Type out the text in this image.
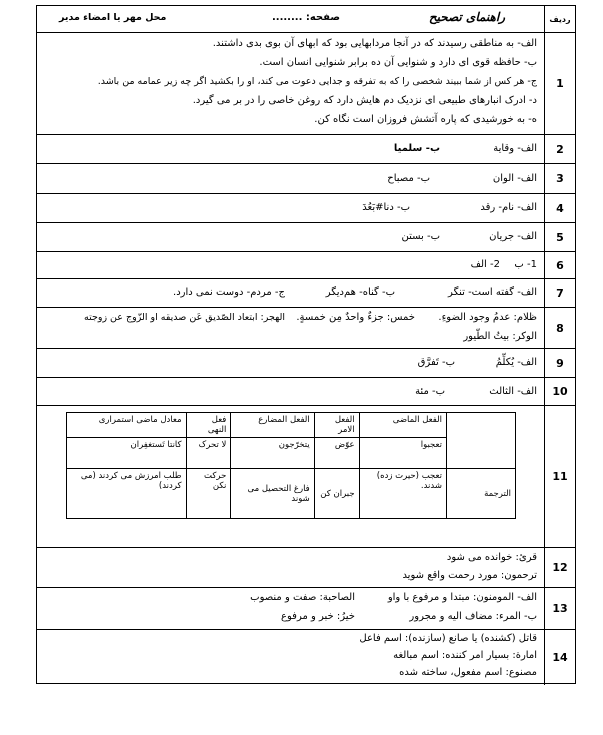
ردیف
راهنمای تصحیح
صفحه: ........
محل مهر یا امضاء مدیر
1
الف- به مناطقی رسیدند که در آنجا مردابهایی بود که ابهای آن بوی بدی داشتند.
ب- حافظه قوی ای دارد و شنوایی آن ده برابر شنوایی انسان است.
ج- هر کس از شما ببیند شخصی را که به تفرقه و جدایی دعوت می کند، او را بکشید اگر چه زیر عمامه من باشد.
د- ادرک انبارهای طبیعی ای نزدیک دم هایش دارد که روغن خاصی را در بر می گیرد.
ه- به خورشیدی که پاره آتشش فروزان است نگاه کن.
2
الف- وقایة
ب- سلمیا
3
الف- الوان
ب- مصباح
4
الف- نام- رقد
ب- دنا#بَعُدَ
5
الف- جریان
ب- بستن
6
1- ب
2- الف
7
الف- گفته است- تنگر
ب- گناه- هم‌دیگر
ج- مردم- دوست نمی دارد.
8
ظلام: عدمُ وجود الضوءِ.
خمس: جزءٌ واحدٌ مِن خمسةٍ.
الهجر: ابتعاد الصّدیق عَن صدیقه او الزّوج عن زوجته
الوکر: بیتُ الطّیور
9
الف- یُکلِّمُ
ب- تَفرَّق
10
الف- الثالث
ب- مئة
11
	الفعل الماضی	الفعل الامر	الفعل المضارع	فعل النهی	معادل ماضی استمراری
	تعجبوا	عوّض	یتخرّجون	لا تحرک	کانتا تَستغفِران
الترجمة	تعجب (حیرت زده) شدند.	جبران کن	فارغ التحصیل می شوند	حرکت نکن	طلب امرزش می کردند (می کردند)
12
قرئ: خوانده می شود
ترحمون: مورد رحمت واقع شوید
13
الف- المومنون: مبتدا و مرفوع با واو
الصاحبة: صفت و منصوب
ب- المرء: مضاف الیه و مجرور
خیرُ: خبر و مرفوع
14
قاتل (کشنده) یا صانع (سازنده): اسم فاعل
امارة: بسیار امر کننده: اسم مبالغه
مصنوع: اسم مفعول، ساخته شده
